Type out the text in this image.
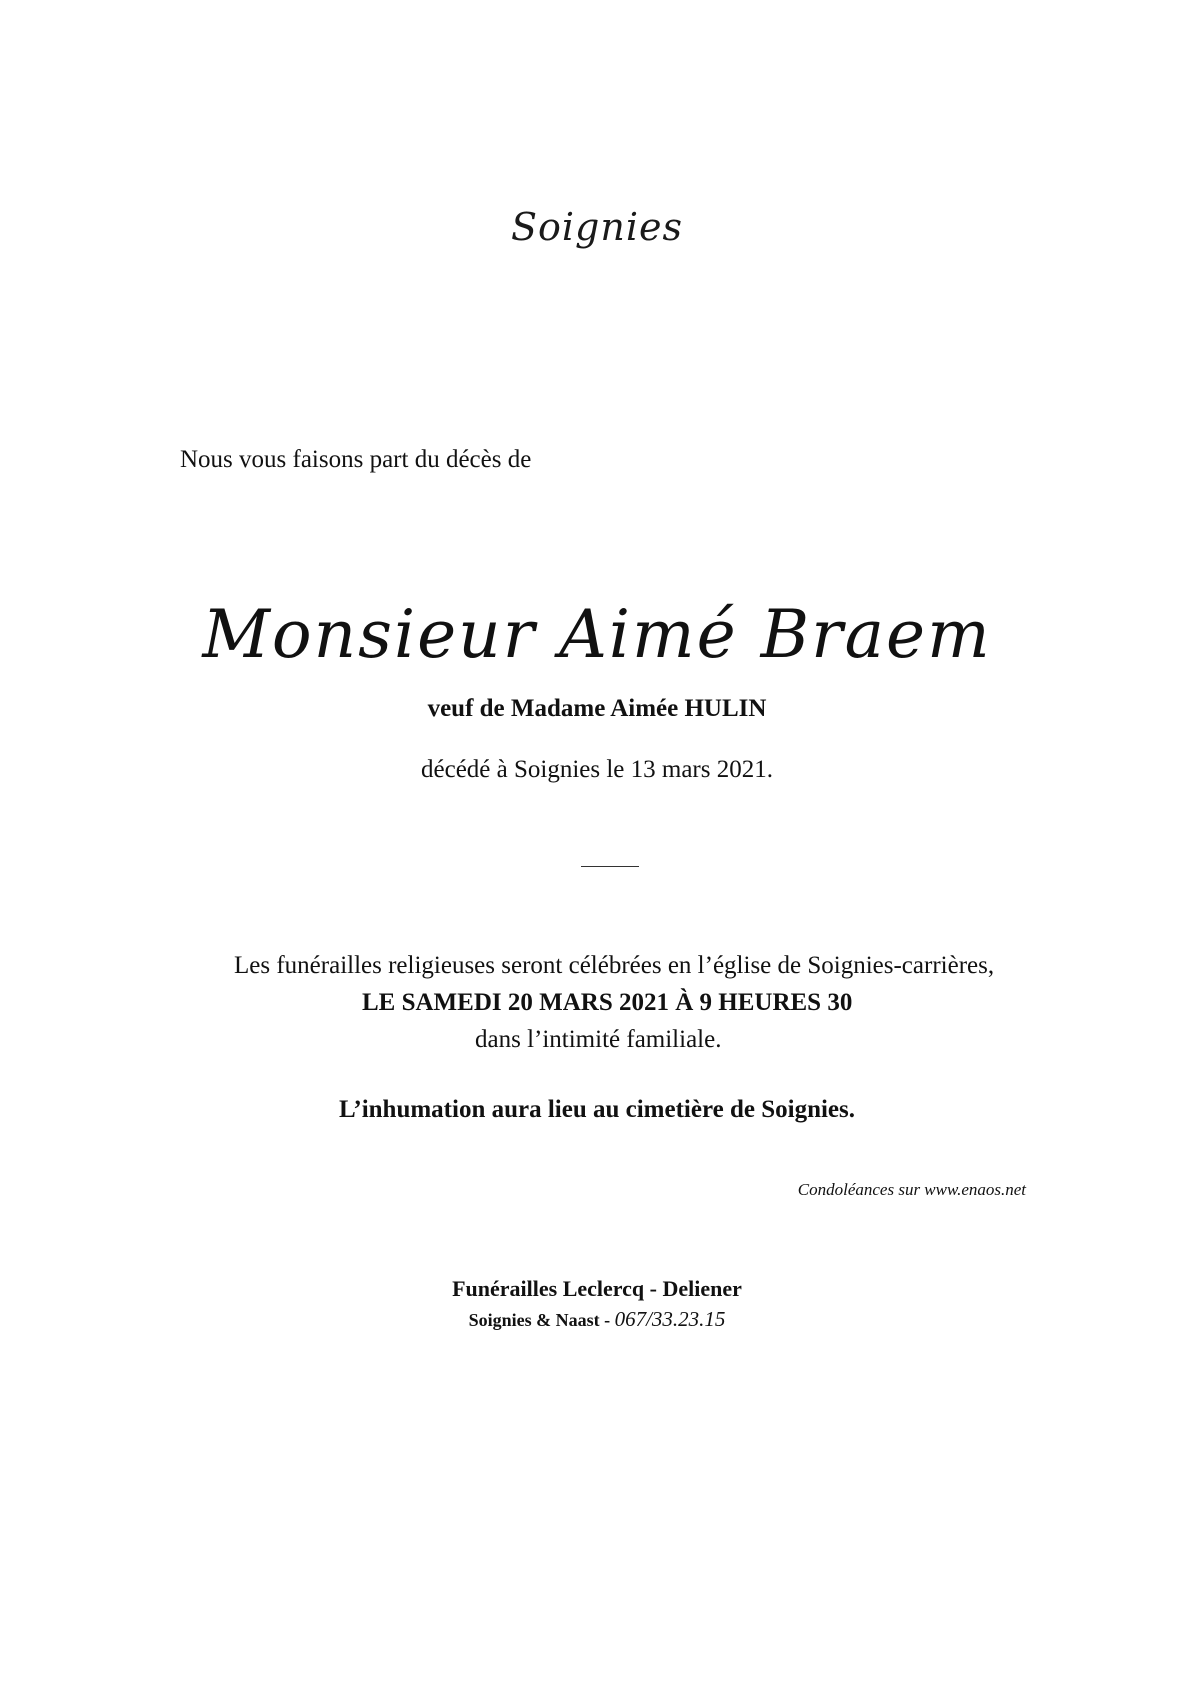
Soignies
Nous vous faisons part du décès de
Monsieur Aimé Braem
veuf de Madame Aimée HULIN
décédé à Soignies le 13 mars 2021.
Les funérailles religieuses seront célébrées en l’église de Soignies-carrières,
LE SAMEDI 20 MARS 2021 À 9 HEURES 30
dans l’intimité familiale.
L’inhumation aura lieu au cimetière de Soignies.
Condoléances sur www.enaos.net
Funérailles Leclercq - Deliener
Soignies & Naast - 067/33.23.15
